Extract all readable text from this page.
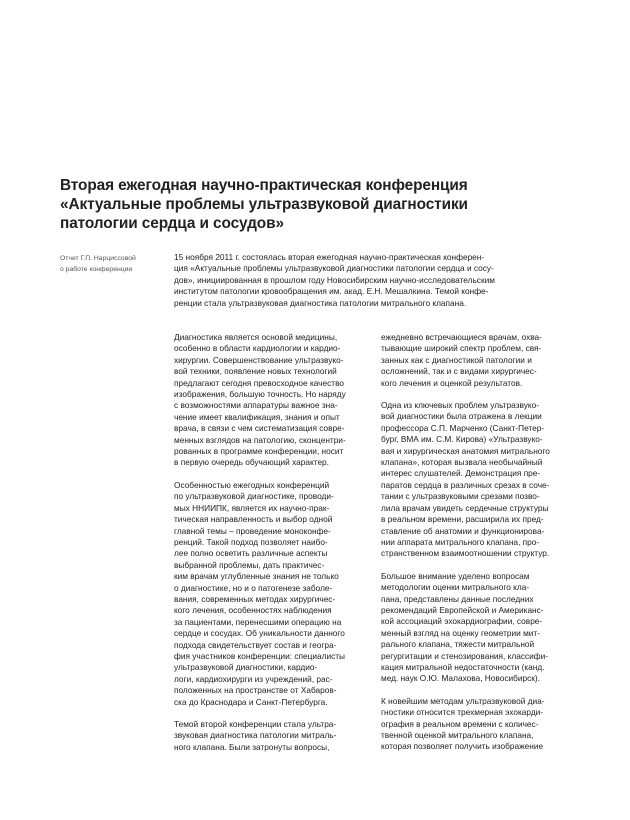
Вторая ежегодная научно-практическая конференция
«Актуальные проблемы ультразвуковой диагностики
патологии сердца и сосудов»
Отчет Г.П. Нарциссовой
о работе конференции
15 ноября 2011 г. состоялась вторая ежегодная научно-практическая конферен-
ция «Актуальные проблемы ультразвуковой диагностики патологии сердца и сосу-
дов», инициированная в прошлом году Новосибирским научно-исследовательским
институтом патологии кровообращения им. акад. Е.Н. Мешалкина. Темой конфе-
ренции стала ультразвуковая диагностика патологии митрального клапана.
Диагностика является основой медицины,
особенно в области кардиологии и кардио-
хирургии. Совершенствование ультразвуко-
вой техники, появление новых технологий
предлагают сегодня превосходное качество
изображения, большую точность. Но наряду
с возможностями аппаратуры важное зна-
чение имеет квалификация, знания и опыт
врача, в связи с чем систематизация совре-
менных взглядов на патологию, сконцентри-
рованных в программе конференции, носит
в первую очередь обучающий характер.
Особенностью ежегодных конференций
по ультразвуковой диагностике, проводи-
мых ННИИПК, является их научно-прак-
тическая направленность и выбор одной
главной темы – проведение моноконфе-
ренций. Такой подход позволяет наибо-
лее полно осветить различные аспекты
выбранной проблемы, дать практичес-
ким врачам углубленные знания не только
о диагностике, но и о патогенезе заболе-
вания, современных методах хирургичес-
кого лечения, особенностях наблюдения
за пациентами, перенесшими операцию на
сердце и сосудах. Об уникальности данного
подхода свидетельствует состав и геогра-
фия участников конференции: специалисты
ультразвуковой диагностики, кардио-
логи, кардиохирурги из учреждений, рас-
положенных на пространстве от Хабаров-
ска до Краснодара и Санкт-Петербурга.
Темой второй конференции стала ультра-
звуковая диагностика патологии митраль-
ного клапана. Были затронуты вопросы,
ежедневно встречающиеся врачам, охва-
тывающие широкий спектр проблем, свя-
занных как с диагностикой патологии и
осложнений, так и с видами хирургичес-
кого лечения и оценкой результатов.
Одна из ключевых проблем ультразвуко-
вой диагностики была отражена в лекции
профессора С.П. Марченко (Санкт-Петер-
бург, ВМА им. С.М. Кирова) «Ультразвуко-
вая и хирургическая анатомия митрального
клапана», которая вызвала необычайный
интерес слушателей. Демонстрация пре-
паратов сердца в различных срезах в соче-
тании с ультразвуковыми срезами позво-
лила врачам увидеть сердечные структуры
в реальном времени, расширила их пред-
ставление об анатомии и функционирова-
нии аппарата митрального клапана, про-
странственном взаимоотношении структур.
Большое внимание уделено вопросам
методологии оценки митрального кла-
пана, представлены данные последних
рекомендаций Европейской и Американс-
кой ассоциаций эхокардиографии, совре-
менный взгляд на оценку геометрии мит-
рального клапана, тяжести митральной
регургитации и стенозирования, классифи-
кация митральной недостаточности (канд.
мед. наук О.Ю. Малахова, Новосибирск).
К новейшим методам ультразвуковой диа-
гностики относится трехмерная эхокарди-
ография в реальном времени с количес-
твенной оценкой митрального клапана,
которая позволяет получить изображение
